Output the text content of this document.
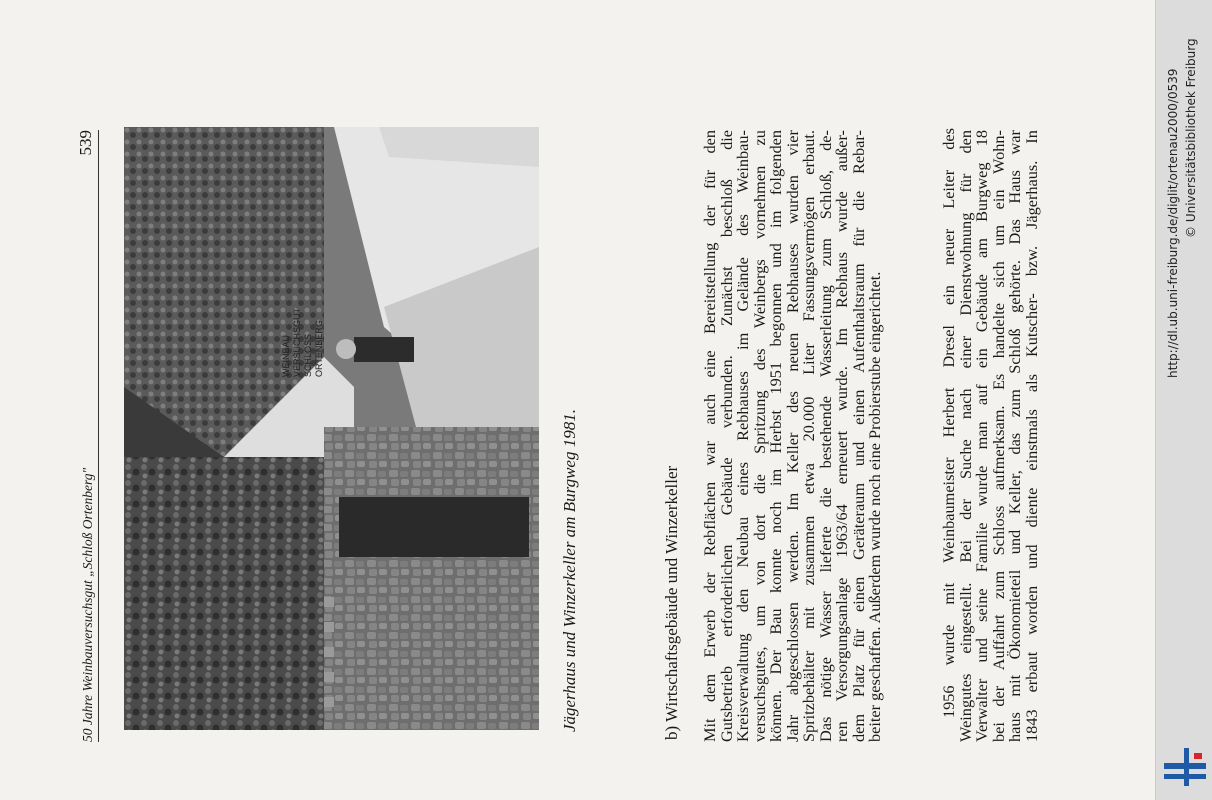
50 Jahre Weinbauversuchsgut „Schloß Ortenberg"
539
WEINBAU VERSUCHSGUT SCHLOSS ORTENBERG
Jägerhaus und Winzerkeller am Burgweg 1981.	b) Wirtschaftsgebäude und Winzerkeller Mit
dem
Erwerb
der
Rebflächen
war
auch
eine
Bereitstellung
der
für
den
Gutsbetrieb
erforderlichen
Gebäude
verbunden.
Zunächst
beschloß
die
Kreisverwaltung
den
Neubau
eines
Rebhauses
im
Gelände
des
Weinbau-
versuchsgutes,
um
von
dort
die
Spritzung
des
Weinbergs
vornehmen
zu
können.
Der
Bau
konnte
noch
im
Herbst
1951
begonnen
und
im
folgenden
Jahr
abgeschlossen
werden.
Im
Keller
des
neuen
Rebhauses
wurden
vier
Spritzbehälter
mit
zusammen
etwa
20.000
Liter
Fassungsvermögen
erbaut.
Das
nötige
Wasser
lieferte
die
bestehende
Wasserleitung
zum
Schloß,
de-
ren
Versorgungsanlage
1963/64
erneuert
wurde.
Im
Rebhaus
wurde
außer-
dem
Platz
für
einen
Geräteraum
und
einen
Aufenthaltsraum
für
die
Rebar-
beiter geschaffen. Außerdem wurde noch eine Probierstube eingerichtet.	1956
wurde
mit
Weinbaumeister
Herbert
Dresel
ein
neuer
Leiter
des
Weingutes
eingestellt.
Bei
der
Suche
nach
einer
Dienstwohnung
für
den
Verwalter
und
seine
Familie
wurde
man
auf
ein
Gebäude
am
Burgweg
18
bei
der
Auffahrt
zum
Schloss
aufmerksam.
Es
handelte
sich
um
ein
Wohn-
haus
mit
Ökonomieteil
und
Keller,
das
zum
Schloß
gehörte.
Das
Haus
war
1843
erbaut
worden
und
diente
einstmals
als
Kutscher-
bzw.
Jägerhaus.
In	http://dl.ub.uni-freiburg.de/diglit/ortenau2000/0539 © Universitätsbibliothek Freiburg
